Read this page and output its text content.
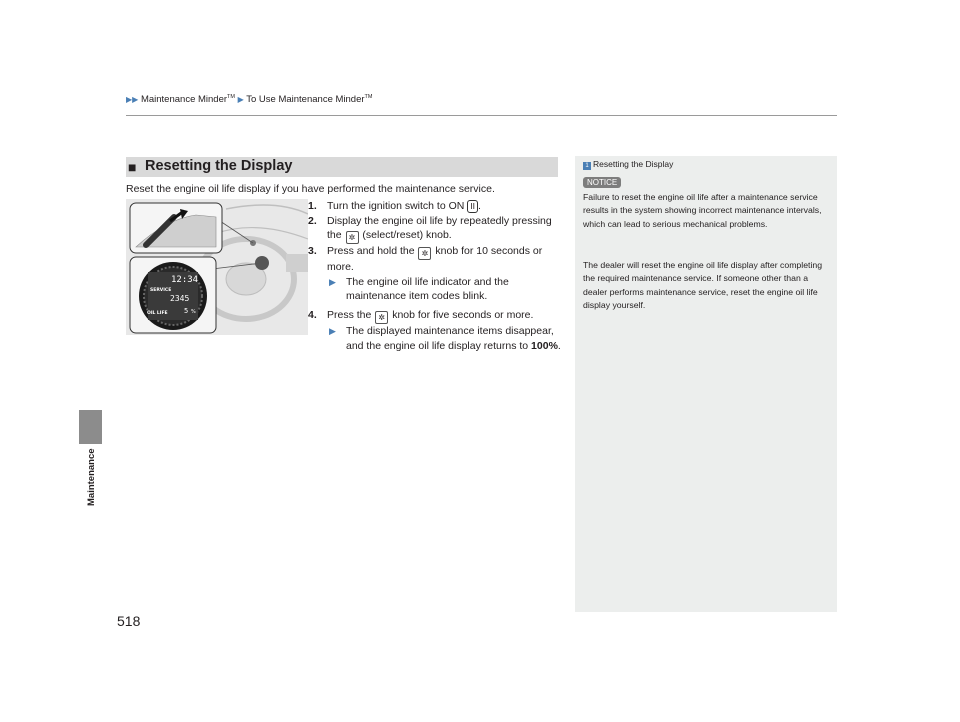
▶▶ Maintenance Minder™ ▶ To Use Maintenance Minder™
Maintenance
518
■ Resetting the Display
Reset the engine oil life display if you have performed the maintenance service.
12:34
SERVICE
2345
OIL LIFE 5 %
1. Turn the ignition switch to ON II .
2. Display the engine oil life by repeatedly pressing the ✲ (select/reset) knob.
3. Press and hold the ✲ knob for 10 seconds or more.
▶ The engine oil life indicator and the maintenance item codes blink.
4. Press the ✲ knob for five seconds or more.
▶ The displayed maintenance items disappear, and the engine oil life display returns to 100%.
1 Resetting the Display
NOTICE
Failure to reset the engine oil life after a maintenance service results in the system showing incorrect maintenance intervals, which can lead to serious mechanical problems.
The dealer will reset the engine oil life display after completing the required maintenance service. If someone other than a dealer performs maintenance service, reset the engine oil life display yourself.
